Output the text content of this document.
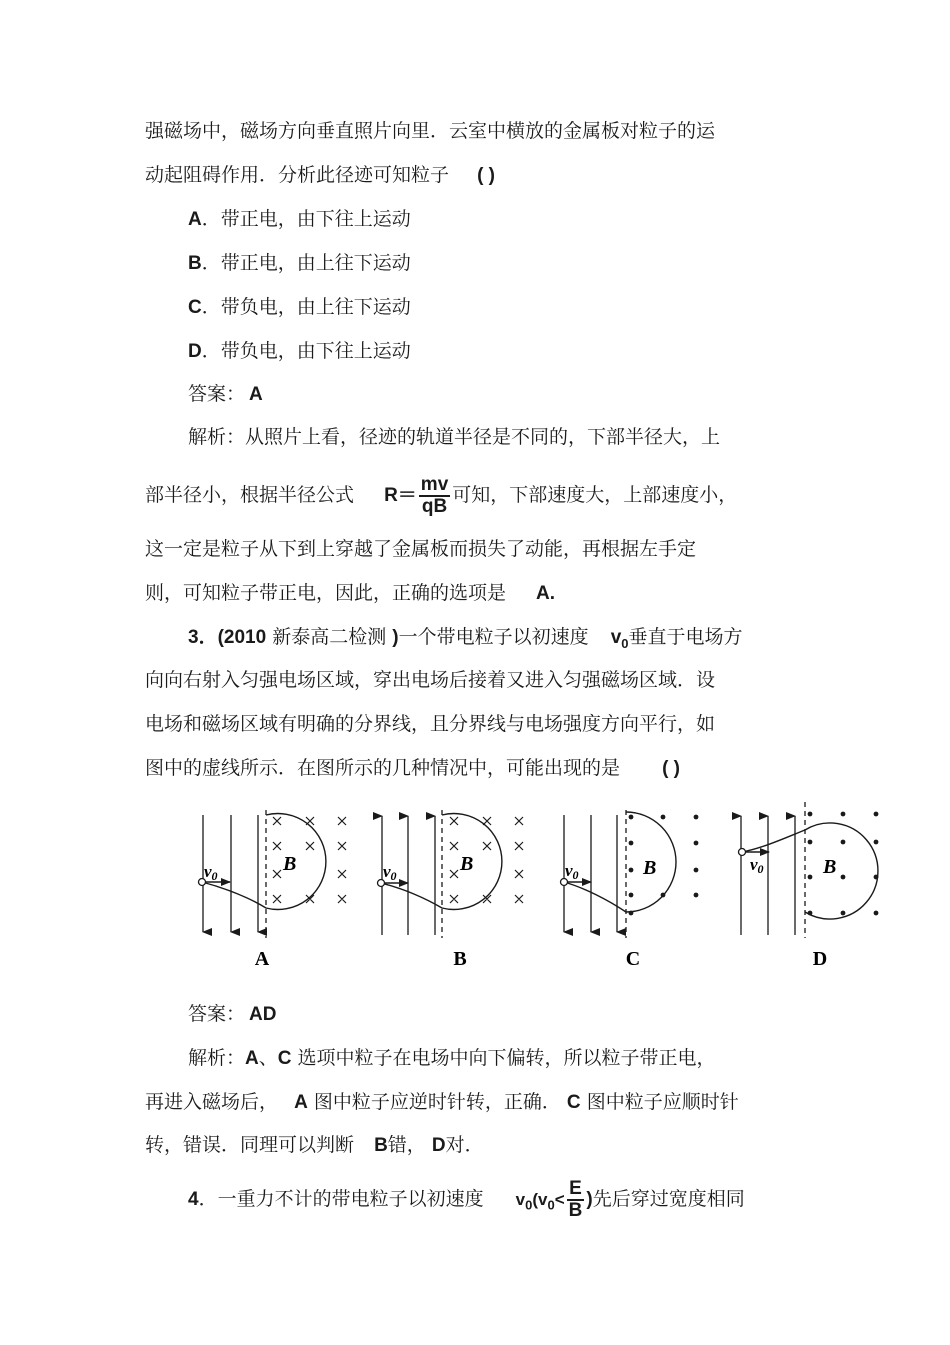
强磁场中，磁场方向垂直照片向里．云室中横放的金属板对粒子的运
动起阻碍作用．分析此径迹可知粒子 ( )
A．带正电，由下往上运动
B．带正电，由上往下运动
C．带负电，由上往下运动
D．带负电，由下往上运动
答案： A
解析：从照片上看，径迹的轨道半径是不同的，下部半径大，上
部半径小，根据半径公式 $R= \frac{mv}{qB}$ 可知，下部速度大，上部速度小，
这一定是粒子从下到上穿越了金属板而损失了动能，再根据左手定
则，可知粒子带正电，因此，正确的选项是 A.
3．(2010 新泰高二检测 )一个带电粒子以初速度 $v_0$垂直于电场方
向向右射入匀强电场区域，穿出电场后接着又进入匀强磁场区域．设
电场和磁场区域有明确的分界线，且分界线与电场强度方向平行，如
图中的虚线所示．在图所示的几种情况中，可能出现的是 ( )
v0
B
A
v0
B
B
v0	B
C
v0	B
D
答案： AD
解析：A、C 选项中粒子在电场中向下偏转，所以粒子带正电，
再进入磁场后， A 图中粒子应逆时针转，正确． C 图中粒子应顺时针
转，错误．同理可以判断 B错， D对．
4．一重力不计的带电粒子以初速度 $v_0(v_0< \frac{E}{B}$ )先后穿过宽度相同
